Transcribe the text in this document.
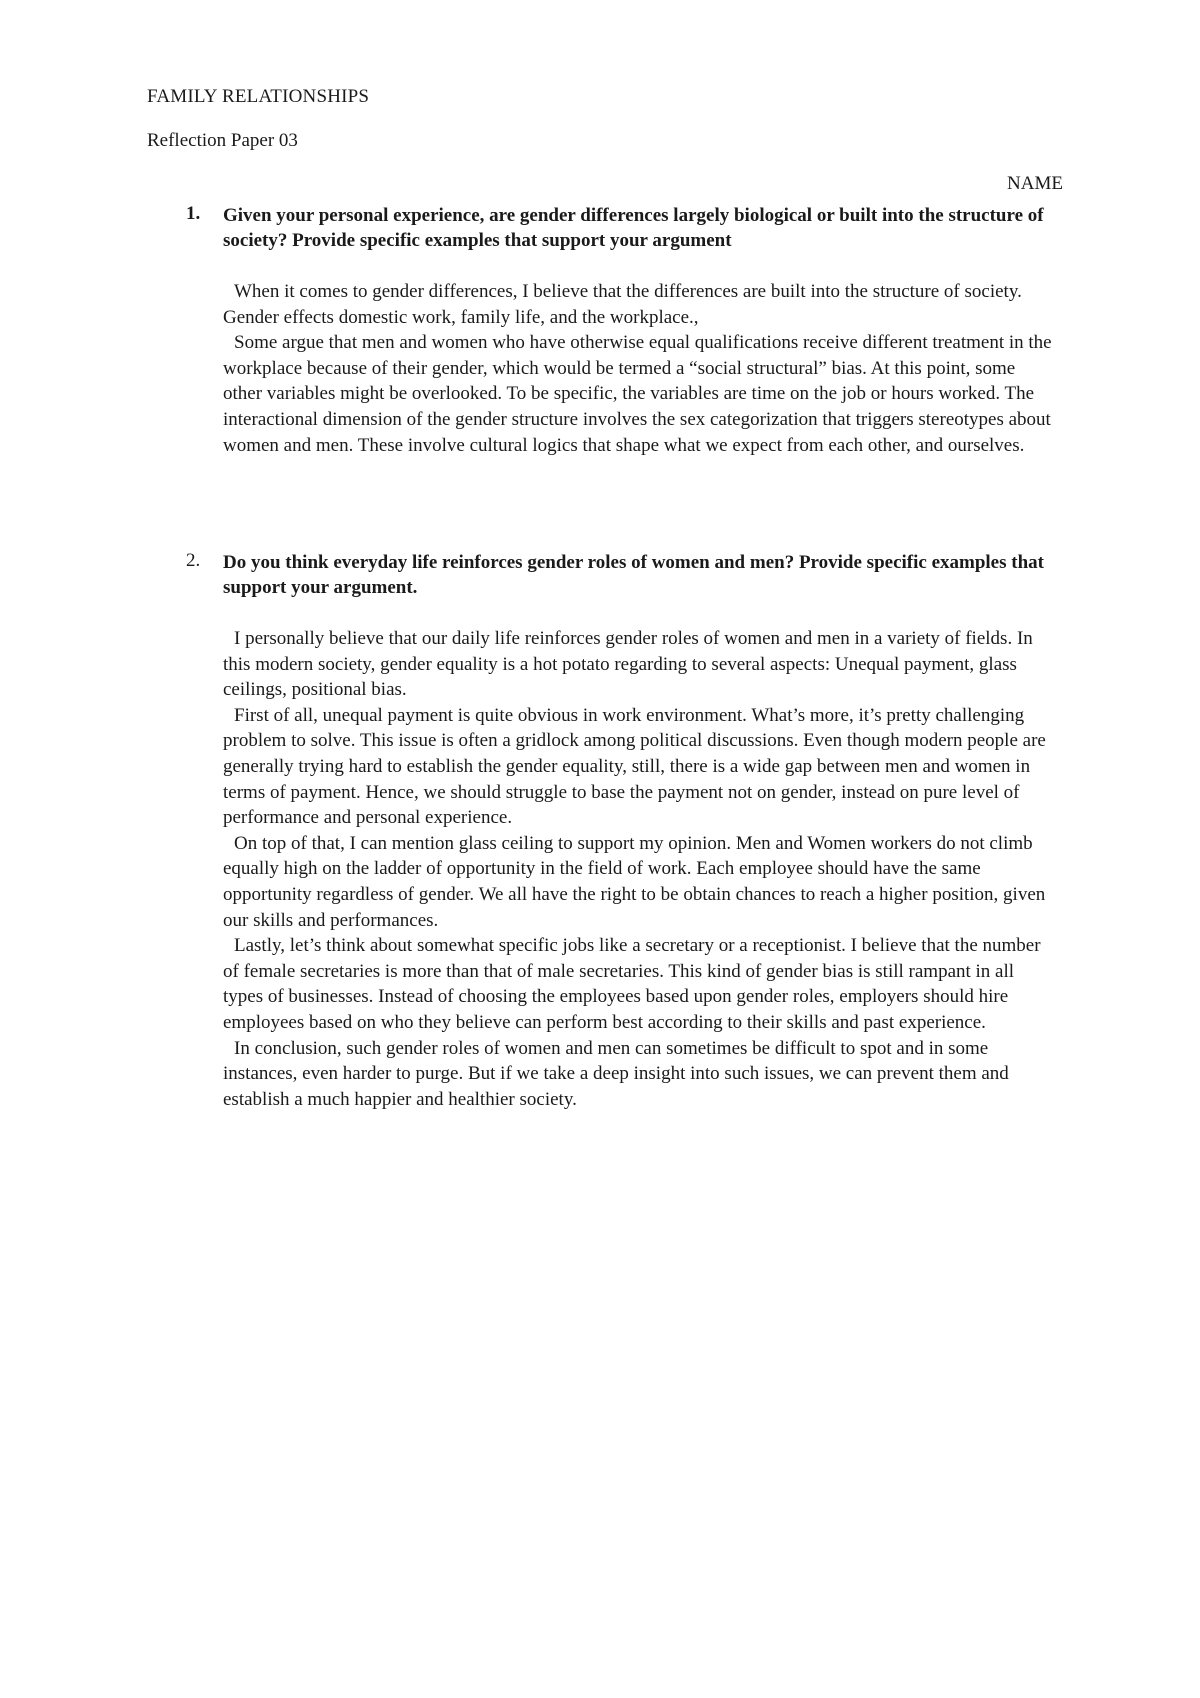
FAMILY RELATIONSHIPS
Reflection Paper 03
NAME
1.	Given your personal experience, are gender differences largely biological or built into the structure of society? Provide specific examples that support your argument

When it comes to gender differences, I believe that the differences are built into the structure of society. Gender effects domestic work, family life, and the workplace.,

Some argue that men and women who have otherwise equal qualifications receive different treatment in the workplace because of their gender, which would be termed a “social structural” bias. At this point, some other variables might be overlooked. To be specific, the variables are time on the job or hours worked. The interactional dimension of the gender structure involves the sex categorization that triggers stereotypes about women and men. These involve cultural logics that shape what we expect from each other, and ourselves.

2.	Do you think everyday life reinforces gender roles of women and men? Provide specific examples that support your argument.

I personally believe that our daily life reinforces gender roles of women and men in a variety of fields. In this modern society, gender equality is a hot potato regarding to several aspects: Unequal payment, glass ceilings, positional bias.

First of all, unequal payment is quite obvious in work environment. What’s more, it’s pretty challenging problem to solve. This issue is often a gridlock among political discussions. Even though modern people are generally trying hard to establish the gender equality, still, there is a wide gap between men and women in terms of payment. Hence, we should struggle to base the payment not on gender, instead on pure level of performance and personal experience.

On top of that, I can mention glass ceiling to support my opinion. Men and Women workers do not climb equally high on the ladder of opportunity in the field of work. Each employee should have the same opportunity regardless of gender. We all have the right to be obtain chances to reach a higher position, given our skills and performances.

Lastly, let’s think about somewhat specific jobs like a secretary or a receptionist. I believe that the number of female secretaries is more than that of male secretaries. This kind of gender bias is still rampant in all types of businesses. Instead of choosing the employees based upon gender roles, employers should hire employees based on who they believe can perform best according to their skills and past experience.

In conclusion, such gender roles of women and men can sometimes be difficult to spot and in some instances, even harder to purge. But if we take a deep insight into such issues, we can prevent them and establish a much happier and healthier society.
